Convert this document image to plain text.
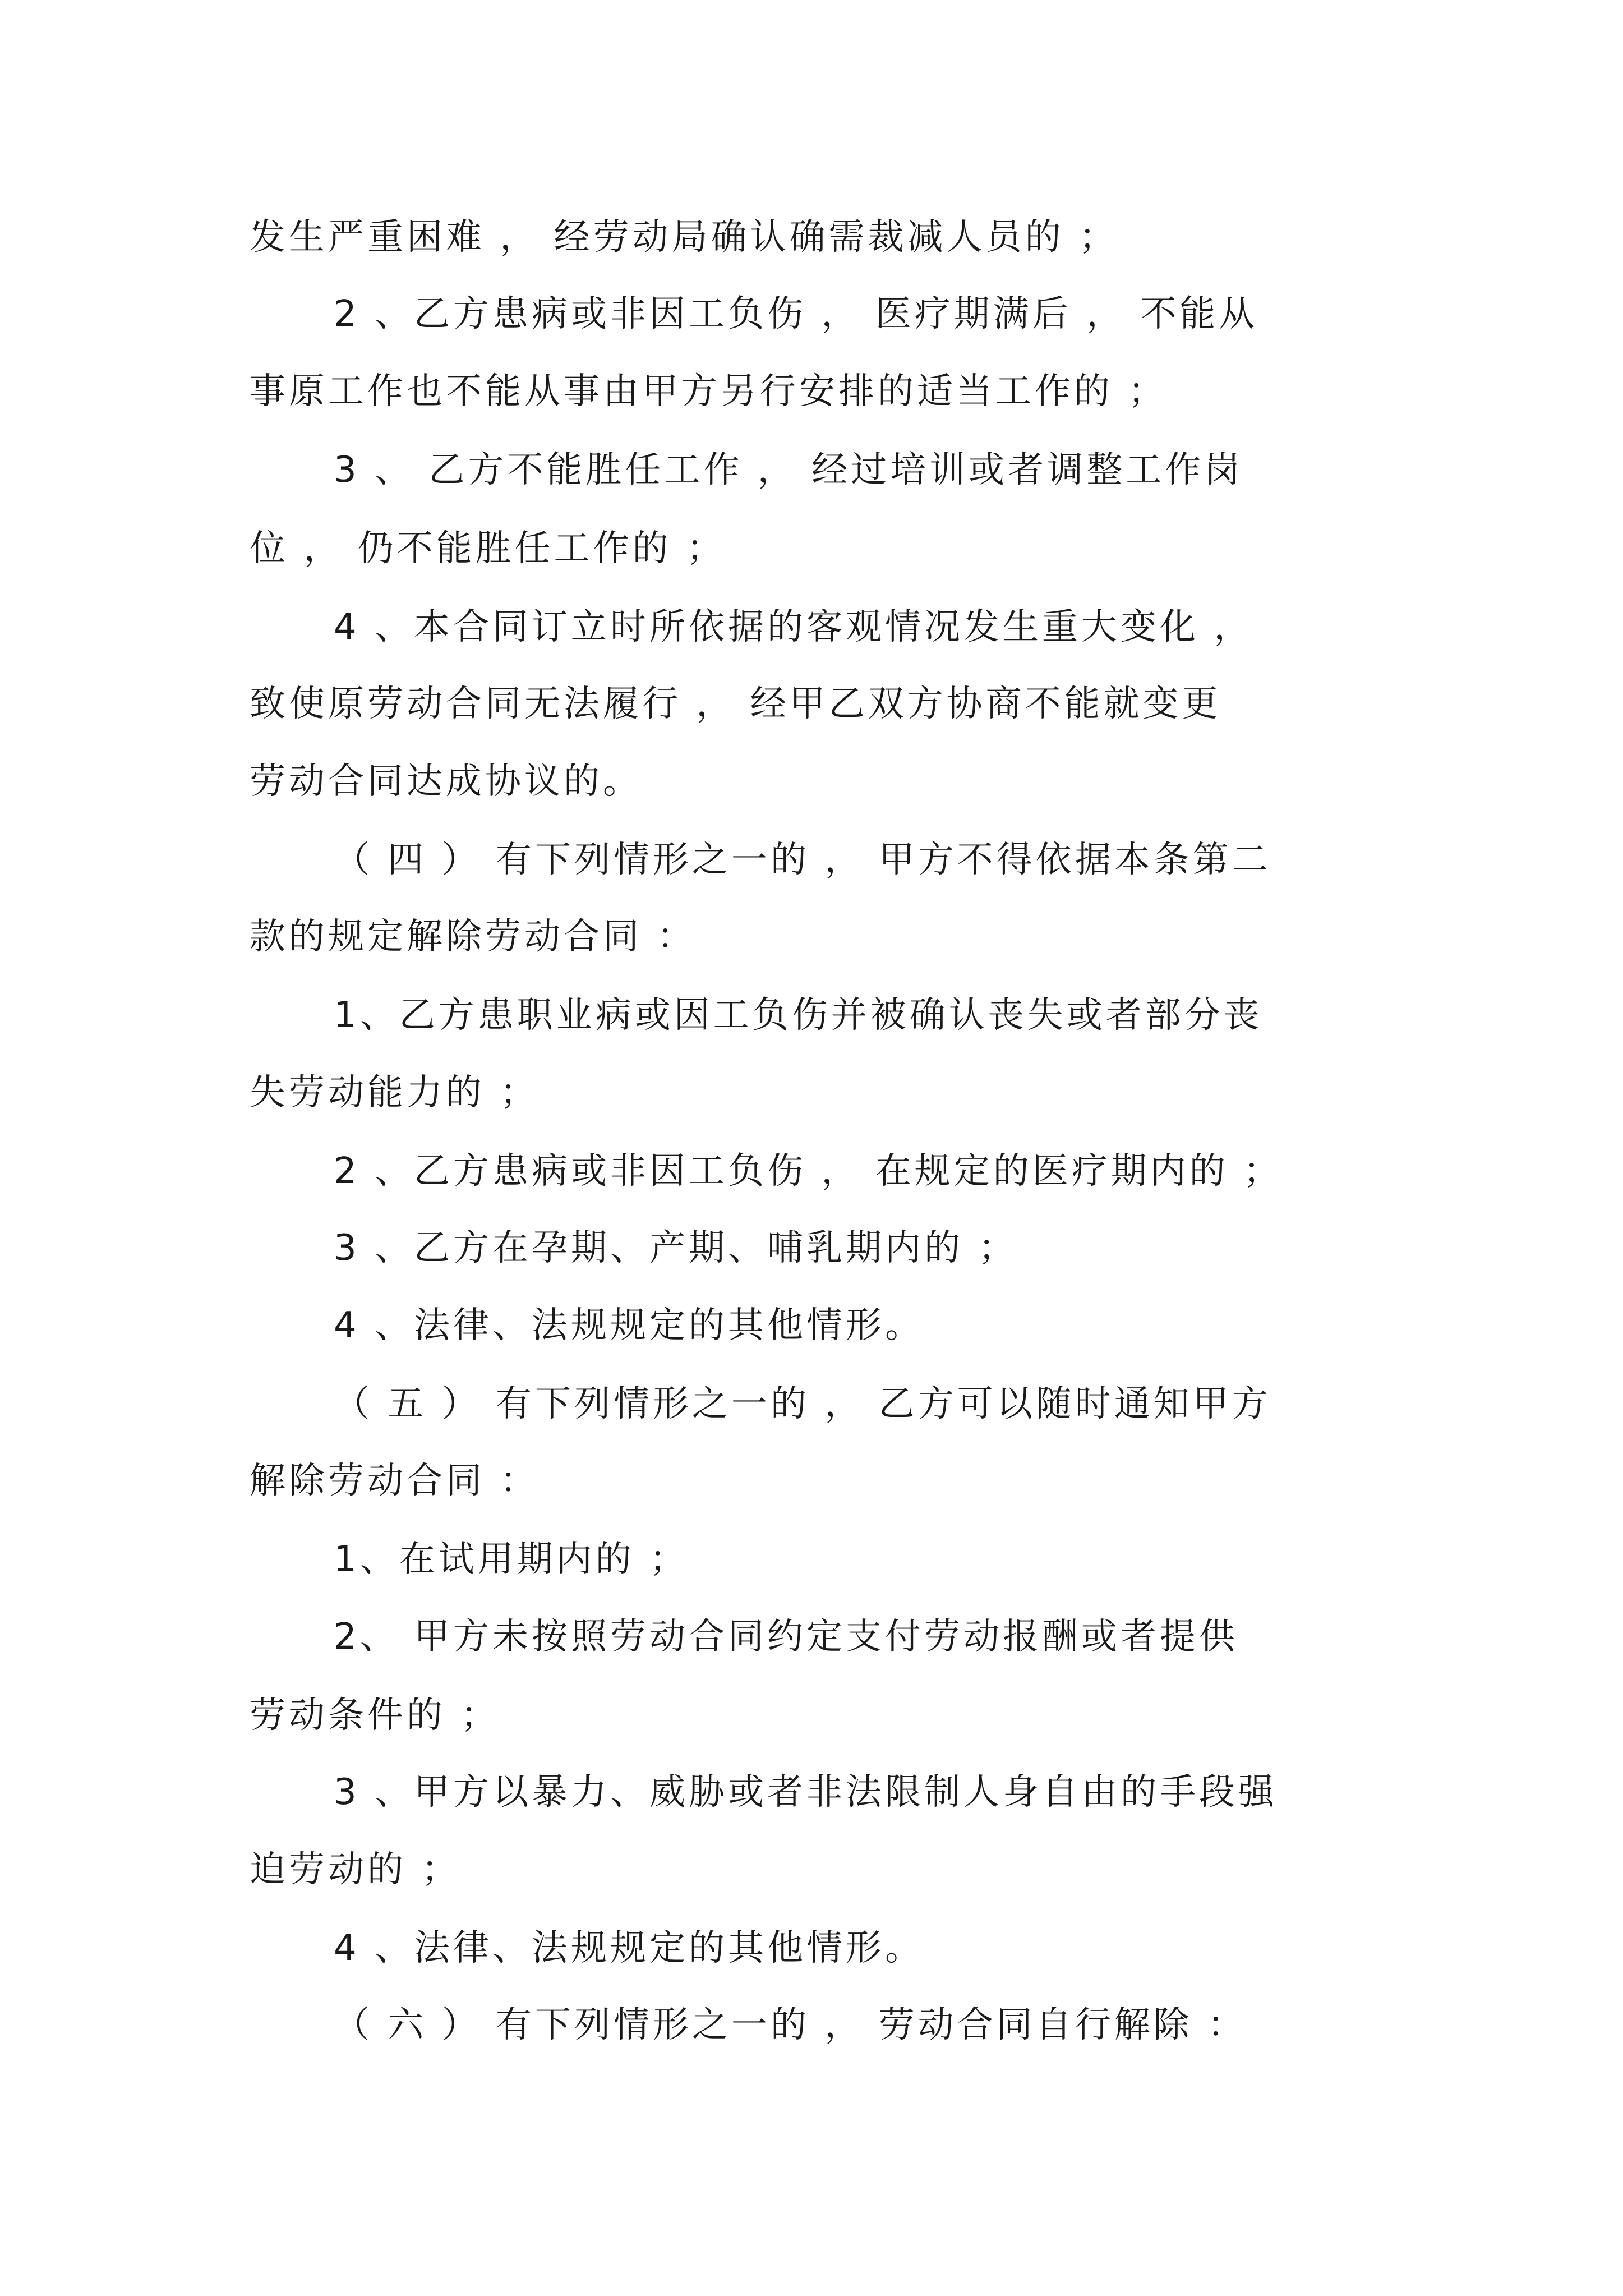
发生严重困难 ， 经劳动局确认确需裁减人员的 ；
2 、乙方患病或非因工负伤 ， 医疗期满后 ， 不能从
事原工作也不能从事由甲方另行安排的适当工作的 ；
3 、 乙方不能胜任工作 ， 经过培训或者调整工作岗
位 ， 仍不能胜任工作的 ；
4 、本合同订立时所依据的客观情况发生重大变化 ，
致使原劳动合同无法履行 ， 经甲乙双方协商不能就变更
劳动合同达成协议的。
（ 四 ） 有下列情形之一的 ， 甲方不得依据本条第二
款的规定解除劳动合同 ：
1、乙方患职业病或因工负伤并被确认丧失或者部分丧
失劳动能力的 ；
2 、乙方患病或非因工负伤 ， 在规定的医疗期内的 ；
3 、乙方在孕期、产期、哺乳期内的 ；
4 、法律、法规规定的其他情形。
（ 五 ） 有下列情形之一的 ， 乙方可以随时通知甲方
解除劳动合同 ：
1、在试用期内的 ；
2、 甲方未按照劳动合同约定支付劳动报酬或者提供
劳动条件的 ；
3 、甲方以暴力、威胁或者非法限制人身自由的手段强
迫劳动的 ；
4 、法律、法规规定的其他情形。
（ 六 ） 有下列情形之一的 ， 劳动合同自行解除 ：
